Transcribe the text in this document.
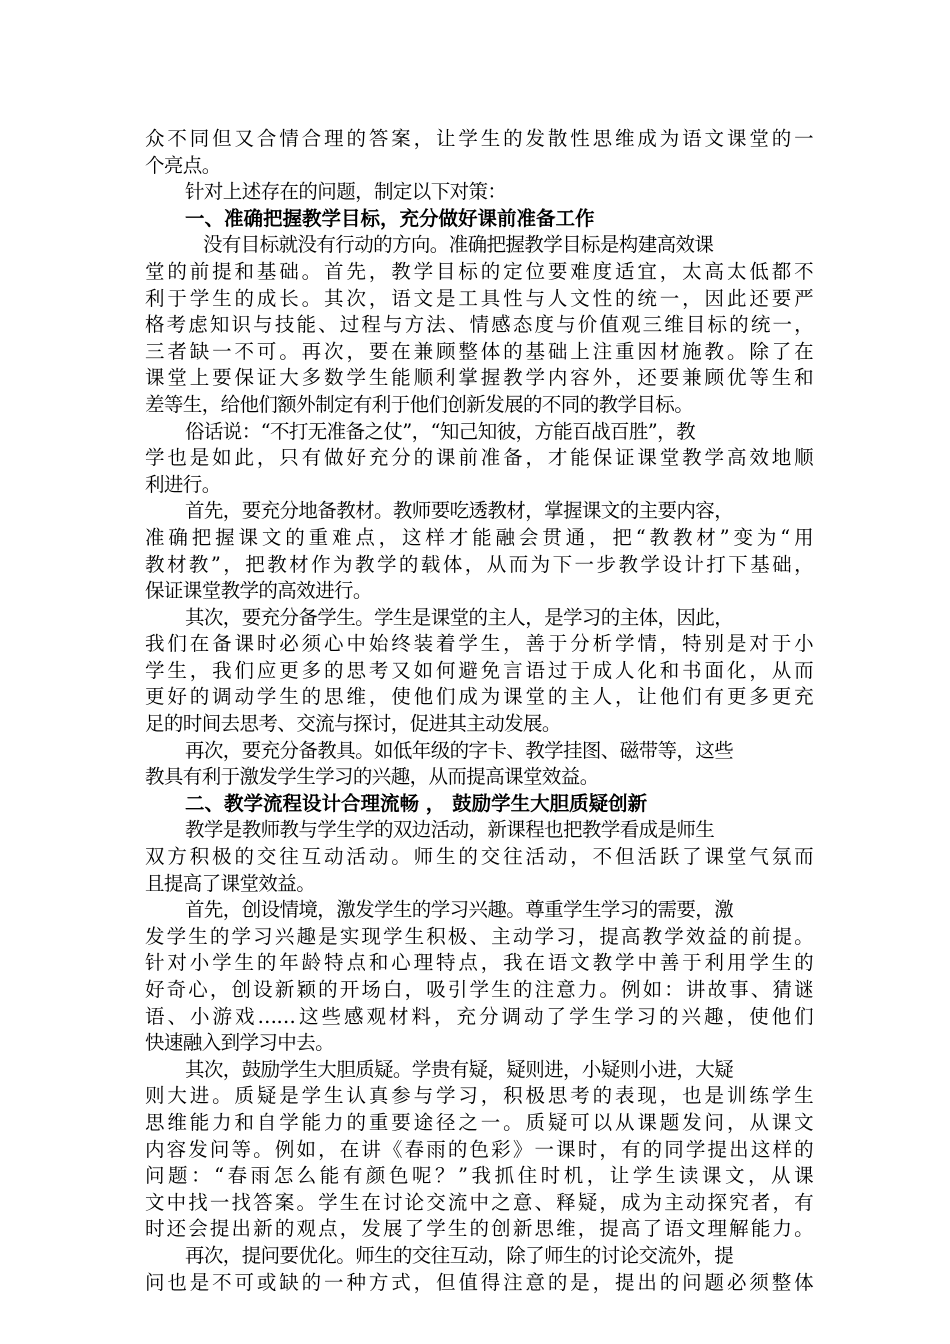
众不同但又合情合理的答案，让学生的发散性思维成为语文课堂的一
个亮点。
针对上述存在的问题，制定以下对策：
一、准确把握教学目标，充分做好课前准备工作
没有目标就没有行动的方向。准确把握教学目标是构建高效课
堂的前提和基础。首先，教学目标的定位要难度适宜，太高太低都不
利于学生的成长。其次，语文是工具性与人文性的统一，因此还要严
格考虑知识与技能、过程与方法、情感态度与价值观三维目标的统一，
三者缺一不可。再次，要在兼顾整体的基础上注重因材施教。除了在
课堂上要保证大多数学生能顺利掌握教学内容外，还要兼顾优等生和
差等生，给他们额外制定有利于他们创新发展的不同的教学目标。
俗话说：“不打无准备之仗”，“知己知彼，方能百战百胜”，教
学也是如此，只有做好充分的课前准备，才能保证课堂教学高效地顺
利进行。
首先，要充分地备教材。教师要吃透教材，掌握课文的主要内容，
准确把握课文的重难点，这样才能融会贯通，把“教教材”变为“用
教材教”，把教材作为教学的载体，从而为下一步教学设计打下基础，
保证课堂教学的高效进行。
其次，要充分备学生。学生是课堂的主人，是学习的主体，因此，
我们在备课时必须心中始终装着学生，善于分析学情，特别是对于小
学生，我们应更多的思考又如何避免言语过于成人化和书面化，从而
更好的调动学生的思维，使他们成为课堂的主人，让他们有更多更充
足的时间去思考、交流与探讨，促进其主动发展。
再次，要充分备教具。如低年级的字卡、教学挂图、磁带等，这些
教具有利于激发学生学习的兴趣，从而提高课堂效益。
二、教学流程设计合理流畅 ， 鼓励学生大胆质疑创新
教学是教师教与学生学的双边活动，新课程也把教学看成是师生
双方积极的交往互动活动。师生的交往活动，不但活跃了课堂气氛而
且提高了课堂效益。
首先，创设情境，激发学生的学习兴趣。尊重学生学习的需要，激
发学生的学习兴趣是实现学生积极、主动学习，提高教学效益的前提。
针对小学生的年龄特点和心理特点，我在语文教学中善于利用学生的
好奇心，创设新颖的开场白，吸引学生的注意力。例如：讲故事、猜谜
语、小游戏……这些感观材料，充分调动了学生学习的兴趣，使他们
快速融入到学习中去。
其次，鼓励学生大胆质疑。学贵有疑，疑则进，小疑则小进，大疑
则大进。质疑是学生认真参与学习，积极思考的表现，也是训练学生
思维能力和自学能力的重要途径之一。质疑可以从课题发问，从课文
内容发问等。例如，在讲《春雨的色彩》一课时，有的同学提出这样的
问题：“春雨怎么能有颜色呢？”我抓住时机，让学生读课文，从课
文中找一找答案。学生在讨论交流中之意、释疑，成为主动探究者，有
时还会提出新的观点，发展了学生的创新思维，提高了语文理解能力。
再次，提问要优化。师生的交往互动，除了师生的讨论交流外，提
问也是不可或缺的一种方式，但值得注意的是，提出的问题必须整体
